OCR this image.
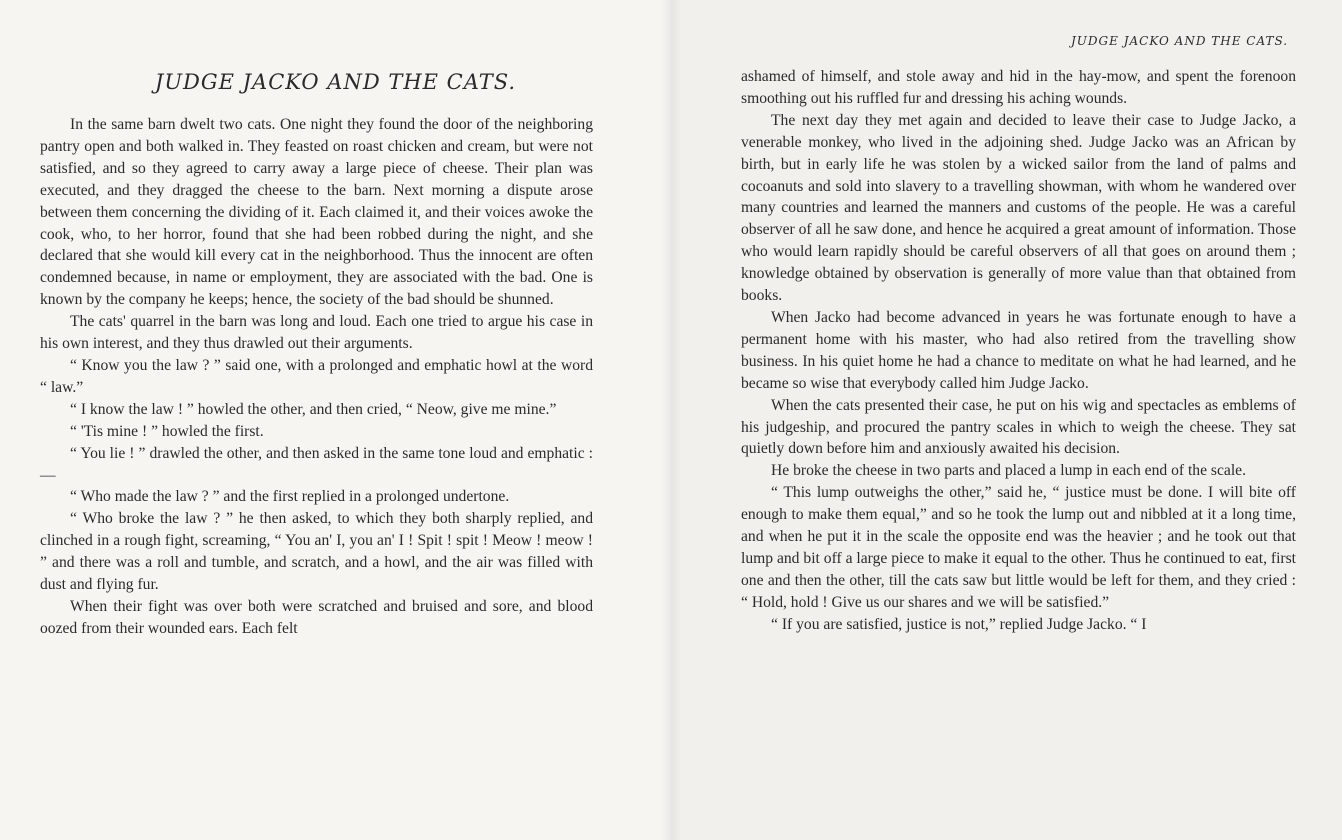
JUDGE JACKO AND THE CATS.

In the same barn dwelt two cats. One night they found the door of the neighboring pantry open and both walked in. They feasted on roast chicken and cream, but were not satisfied, and so they agreed to carry away a large piece of cheese. Their plan was executed, and they dragged the cheese to the barn. Next morning a dispute arose between them concerning the dividing of it. Each claimed it, and their voices awoke the cook, who, to her horror, found that she had been robbed during the night, and she declared that she would kill every cat in the neighborhood. Thus the innocent are often condemned because, in name or employment, they are associated with the bad. One is known by the company he keeps; hence, the society of the bad should be shunned.

The cats' quarrel in the barn was long and loud. Each one tried to argue his case in his own interest, and they thus drawled out their arguments.

“ Know you the law ? ” said one, with a prolonged and emphatic howl at the word “ law.”

“ I know the law ! ” howled the other, and then cried, “ Neow, give me mine.”

“ 'Tis mine ! ” howled the first.

“ You lie ! ” drawled the other, and then asked in the same tone loud and emphatic : —

“ Who made the law ? ” and the first replied in a prolonged undertone.

“ Who broke the law ? ” he then asked, to which they both sharply replied, and clinched in a rough fight, screaming, “ You an' I, you an' I ! Spit ! spit ! Meow ! meow ! ” and there was a roll and tumble, and scratch, and a howl, and the air was filled with dust and flying fur.

When their fight was over both were scratched and bruised and sore, and blood oozed from their wounded ears. Each felt

JUDGE JACKO AND THE CATS.

ashamed of himself, and stole away and hid in the hay-mow, and spent the forenoon smoothing out his ruffled fur and dressing his aching wounds.

The next day they met again and decided to leave their case to Judge Jacko, a venerable monkey, who lived in the adjoining shed. Judge Jacko was an African by birth, but in early life he was stolen by a wicked sailor from the land of palms and cocoanuts and sold into slavery to a travelling showman, with whom he wandered over many countries and learned the manners and customs of the people. He was a careful observer of all he saw done, and hence he acquired a great amount of information. Those who would learn rapidly should be careful observers of all that goes on around them ; knowledge obtained by observation is generally of more value than that obtained from books.

When Jacko had become advanced in years he was fortunate enough to have a permanent home with his master, who had also retired from the travelling show business. In his quiet home he had a chance to meditate on what he had learned, and he became so wise that everybody called him Judge Jacko.

When the cats presented their case, he put on his wig and spectacles as emblems of his judgeship, and procured the pantry scales in which to weigh the cheese. They sat quietly down before him and anxiously awaited his decision.

He broke the cheese in two parts and placed a lump in each end of the scale.

“ This lump outweighs the other,” said he, “ justice must be done. I will bite off enough to make them equal,” and so he took the lump out and nibbled at it a long time, and when he put it in the scale the opposite end was the heavier ; and he took out that lump and bit off a large piece to make it equal to the other. Thus he continued to eat, first one and then the other, till the cats saw but little would be left for them, and they cried : “ Hold, hold ! Give us our shares and we will be satisfied.”

“ If you are satisfied, justice is not,” replied Judge Jacko. “ I
